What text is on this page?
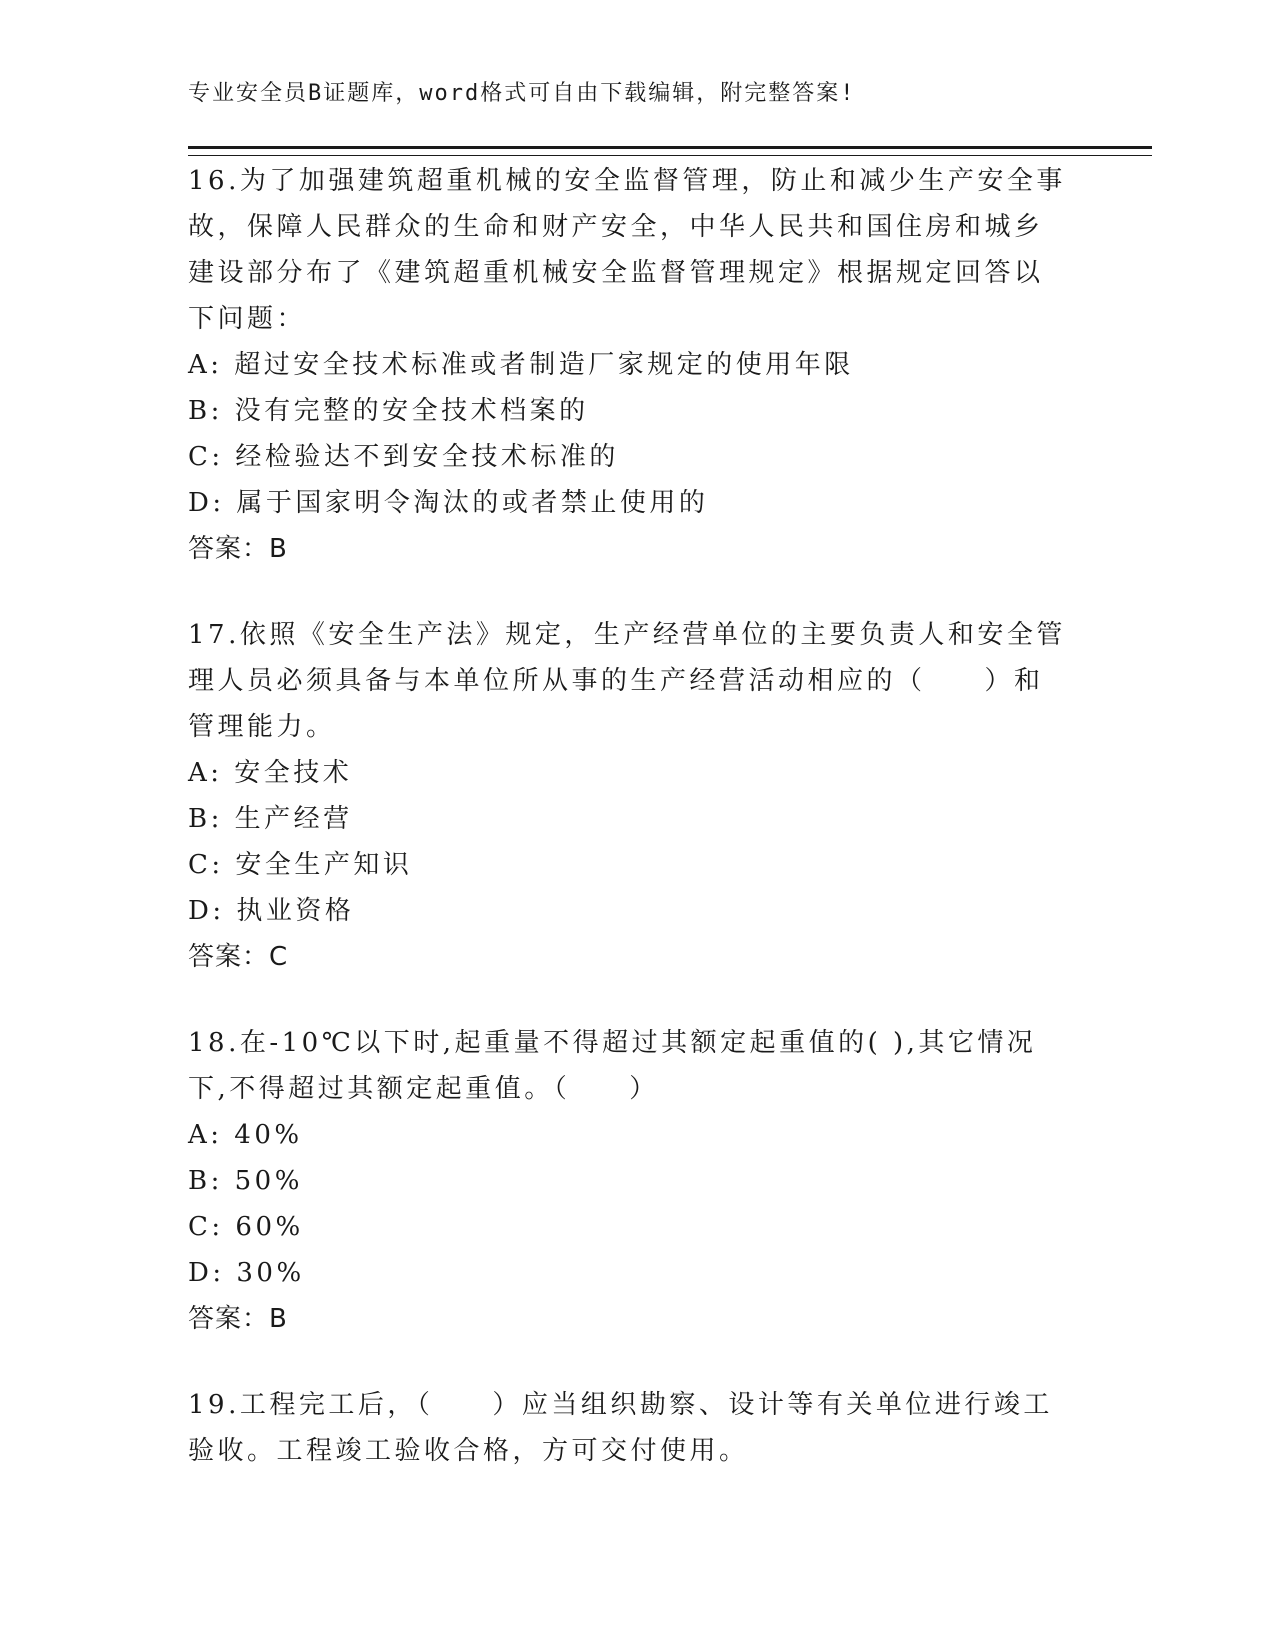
专业安全员B证题库，word格式可自由下载编辑，附完整答案!
16.为了加强建筑超重机械的安全监督管理，防止和减少生产安全事故，保障人民群众的生命和财产安全，中华人民共和国住房和城乡建设部分布了《建筑超重机械安全监督管理规定》根据规定回答以下问题：
A: 超过安全技术标准或者制造厂家规定的使用年限
B: 没有完整的安全技术档案的
C: 经检验达不到安全技术标准的
D: 属于国家明令淘汰的或者禁止使用的
答案：B
17.依照《安全生产法》规定，生产经营单位的主要负责人和安全管理人员必须具备与本单位所从事的生产经营活动相应的（　　）和管理能力。
A: 安全技术
B: 生产经营
C: 安全生产知识
D: 执业资格
答案：C
18.在-10℃以下时,起重量不得超过其额定起重值的( ),其它情况下,不得超过其额定起重值。（　　）
A: 40%
B: 50%
C: 60%
D: 30%
答案：B
19.工程完工后，（　　）应当组织勘察、设计等有关单位进行竣工验收。工程竣工验收合格，方可交付使用。
